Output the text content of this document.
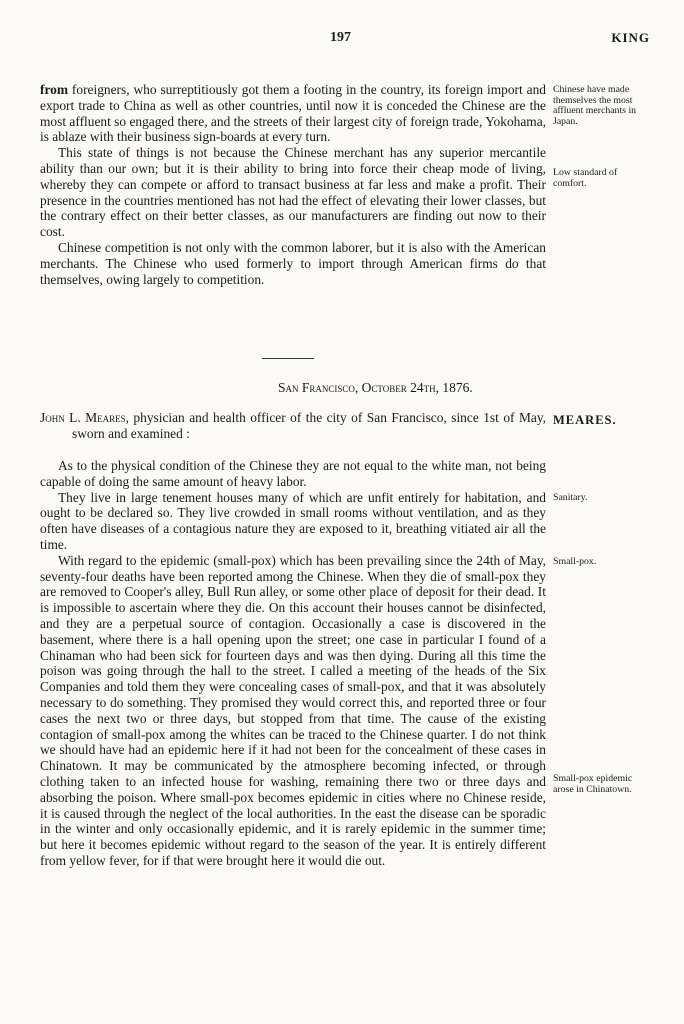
197	KING

from foreigners, who surreptitiously got them a footing in the country, its foreign import and export trade to China as well as other countries, until now it is conceded the Chinese are the most affluent so engaged there, and the streets of their largest city of foreign trade, Yokohama, is ablaze with their business sign-boards at every turn.

This state of things is not because the Chinese merchant has any superior mercantile ability than our own; but it is their ability to bring into force their cheap mode of living, whereby they can compete or afford to transact business at far less and make a profit. Their presence in the countries mentioned has not had the effect of elevating their lower classes, but the contrary effect on their better classes, as our manufacturers are finding out now to their cost.

Chinese competition is not only with the common laborer, but it is also with the American merchants. The Chinese who used formerly to import through American firms do that themselves, owing largely to competition.

Chinese have made themselves the most affluent merchants in Japan.
Low standard of comfort.
San Francisco, October 24th, 1876.

John L. Meares, physician and health officer of the city of San Francisco, since 1st of May, sworn and examined :

MEARES.

As to the physical condition of the Chinese they are not equal to the white man, not being capable of doing the same amount of heavy labor.

They live in large tenement houses many of which are unfit entirely for habitation, and ought to be declared so. They live crowded in small rooms without ventilation, and as they often have diseases of a contagious nature they are exposed to it, breathing vitiated air all the time.

With regard to the epidemic (small-pox) which has been prevailing since the 24th of May, seventy-four deaths have been reported among the Chinese. When they die of small-pox they are removed to Cooper's alley, Bull Run alley, or some other place of deposit for their dead. It is impossible to ascertain where they die. On this account their houses cannot be disinfected, and they are a perpetual source of contagion. Occasionally a case is discovered in the basement, where there is a hall opening upon the street; one case in particular I found of a Chinaman who had been sick for fourteen days and was then dying. During all this time the poison was going through the hall to the street. I called a meeting of the heads of the Six Companies and told them they were concealing cases of small-pox, and that it was absolutely necessary to do something. They promised they would correct this, and reported three or four cases the next two or three days, but stopped from that time. The cause of the existing contagion of small-pox among the whites can be traced to the Chinese quarter. I do not think we should have had an epidemic here if it had not been for the concealment of these cases in Chinatown. It may be communicated by the atmosphere becoming infected, or through clothing taken to an infected house for washing, remaining there two or three days and absorbing the poison. Where small-pox becomes epidemic in cities where no Chinese reside, it is caused through the neglect of the local authorities. In the east the disease can be sporadic in the winter and only occasionally epidemic, and it is rarely epidemic in the summer time; but here it becomes epidemic without regard to the season of the year. It is entirely different from yellow fever, for if that were brought here it would die out.

Sanitary.
Small-pox.
Small-pox epidemic arose in Chinatown.
